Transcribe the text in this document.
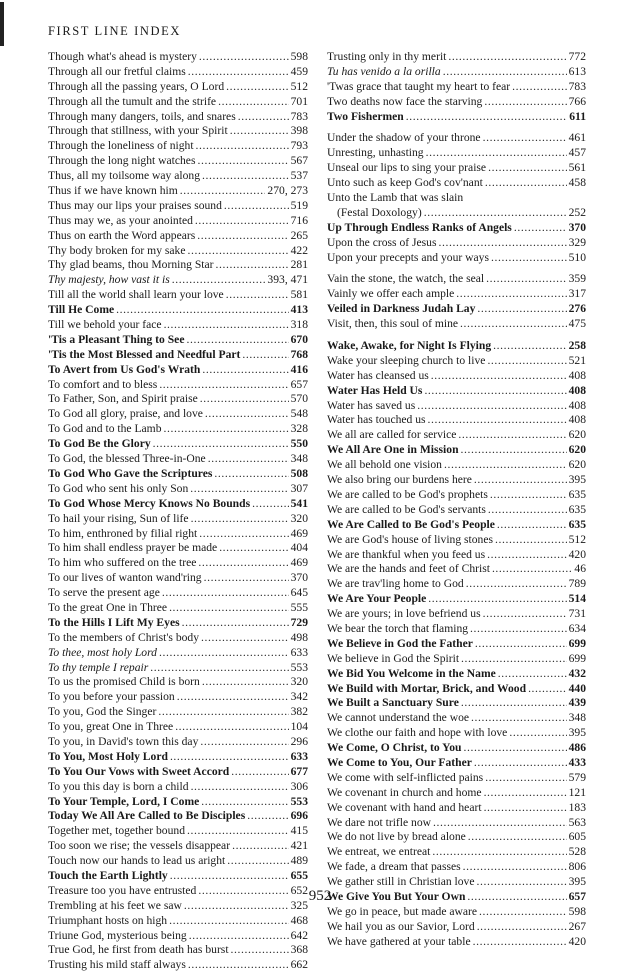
FIRST LINE INDEX
Though what's ahead is mystery .....	598
Through all our fretful claims .....	459
Through all the passing years, O Lord .....	512
Through all the tumult and the strife .....	701
Through many dangers, toils, and snares .....	783
Through that stillness, with your Spirit .....	398
Through the loneliness of night .....	793
Through the long night watches .....	567
Thus, all my toilsome way along .....	537
Thus if we have known him .....	270, 273
Thus may our lips your praises sound .....	519
Thus may we, as your anointed .....	716
Thus on earth the Word appears .....	265
Thy body broken for my sake .....	422
Thy glad beams, thou Morning Star .....	281
Thy majesty, how vast it is .....	393, 471
Till all the world shall learn your love .....	581
Till He Come .....	413
Till we behold your face .....	318
'Tis a Pleasant Thing to See .....	670
'Tis the Most Blessed and Needful Part .....	768
To Avert from Us God's Wrath .....	416
To comfort and to bless .....	657
To Father, Son, and Spirit praise .....	570
To God all glory, praise, and love .....	548
To God and to the Lamb .....	328
To God Be the Glory .....	550
To God, the blessed Three-in-One .....	348
To God Who Gave the Scriptures .....	508
To God who sent his only Son .....	307
To God Whose Mercy Knows No Bounds .....	541
To hail your rising, Sun of life .....	320
To him, enthroned by filial right .....	469
To him shall endless prayer be made .....	404
To him who suffered on the tree .....	469
To our lives of wanton wand'ring .....	370
To serve the present age .....	645
To the great One in Three .....	555
To the Hills I Lift My Eyes .....	729
To the members of Christ's body .....	498
To thee, most holy Lord .....	633
To thy temple I repair .....	553
To us the promised Child is born .....	320
To you before your passion .....	342
To you, God the Singer .....	382
To you, great One in Three .....	104
To you, in David's town this day .....	296
To You, Most Holy Lord .....	633
To You Our Vows with Sweet Accord .....	677
To you this day is born a child .....	306
To Your Temple, Lord, I Come .....	553
Today We All Are Called to Be Disciples .....	696
Together met, together bound .....	415
Too soon we rise; the vessels disappear .....	421
Touch now our hands to lead us aright .....	489
Touch the Earth Lightly .....	655
Treasure too you have entrusted .....	652
Trembling at his feet we saw .....	325
Triumphant hosts on high .....	468
Triune God, mysterious being .....	642
True God, he first from death has burst .....	368
Trusting his mild staff always .....	662
Trusting only in thy merit .....	772
Tu has venido a la orilla .....	613
'Twas grace that taught my heart to fear .....	783
Two deaths now face the starving .....	766
Two Fishermen .....	611
Under the shadow of your throne .....	461
Unresting, unhasting .....	457
Unseal our lips to sing your praise .....	561
Unto such as keep God's cov'nant .....	458
Unto the Lamb that was slain
(Festal Doxology) .....	252
Up Through Endless Ranks of Angels .....	370
Upon the cross of Jesus .....	329
Upon your precepts and your ways .....	510
Vain the stone, the watch, the seal .....	359
Vainly we offer each ample .....	317
Veiled in Darkness Judah Lay .....	276
Visit, then, this soul of mine .....	475
Wake, Awake, for Night Is Flying .....	258
Wake your sleeping church to live .....	521
Water has cleansed us .....	408
Water Has Held Us .....	408
Water has saved us .....	408
Water has touched us .....	408
We all are called for service .....	620
We All Are One in Mission .....	620
We all behold one vision .....	620
We also bring our burdens here .....	395
We are called to be God's prophets .....	635
We are called to be God's servants .....	635
We Are Called to Be God's People .....	635
We are God's house of living stones .....	512
We are thankful when you feed us .....	420
We are the hands and feet of Christ .....	46
We are trav'ling home to God .....	789
We Are Your People .....	514
We are yours; in love befriend us .....	731
We bear the torch that flaming .....	634
We Believe in God the Father .....	699
We believe in God the Spirit .....	699
We Bid You Welcome in the Name .....	432
We Build with Mortar, Brick, and Wood .....	440
We Built a Sanctuary Sure .....	439
We cannot understand the woe .....	348
We clothe our faith and hope with love .....	395
We Come, O Christ, to You .....	486
We Come to You, Our Father .....	433
We come with self-inflicted pains .....	579
We covenant in church and home .....	121
We covenant with hand and heart .....	183
We dare not trifle now .....	563
We do not live by bread alone .....	605
We entreat, we entreat .....	528
We fade, a dream that passes .....	806
We gather still in Christian love .....	395
We Give You But Your Own .....	657
We go in peace, but made aware .....	598
We hail you as our Savior, Lord .....	267
We have gathered at your table .....	420
952
